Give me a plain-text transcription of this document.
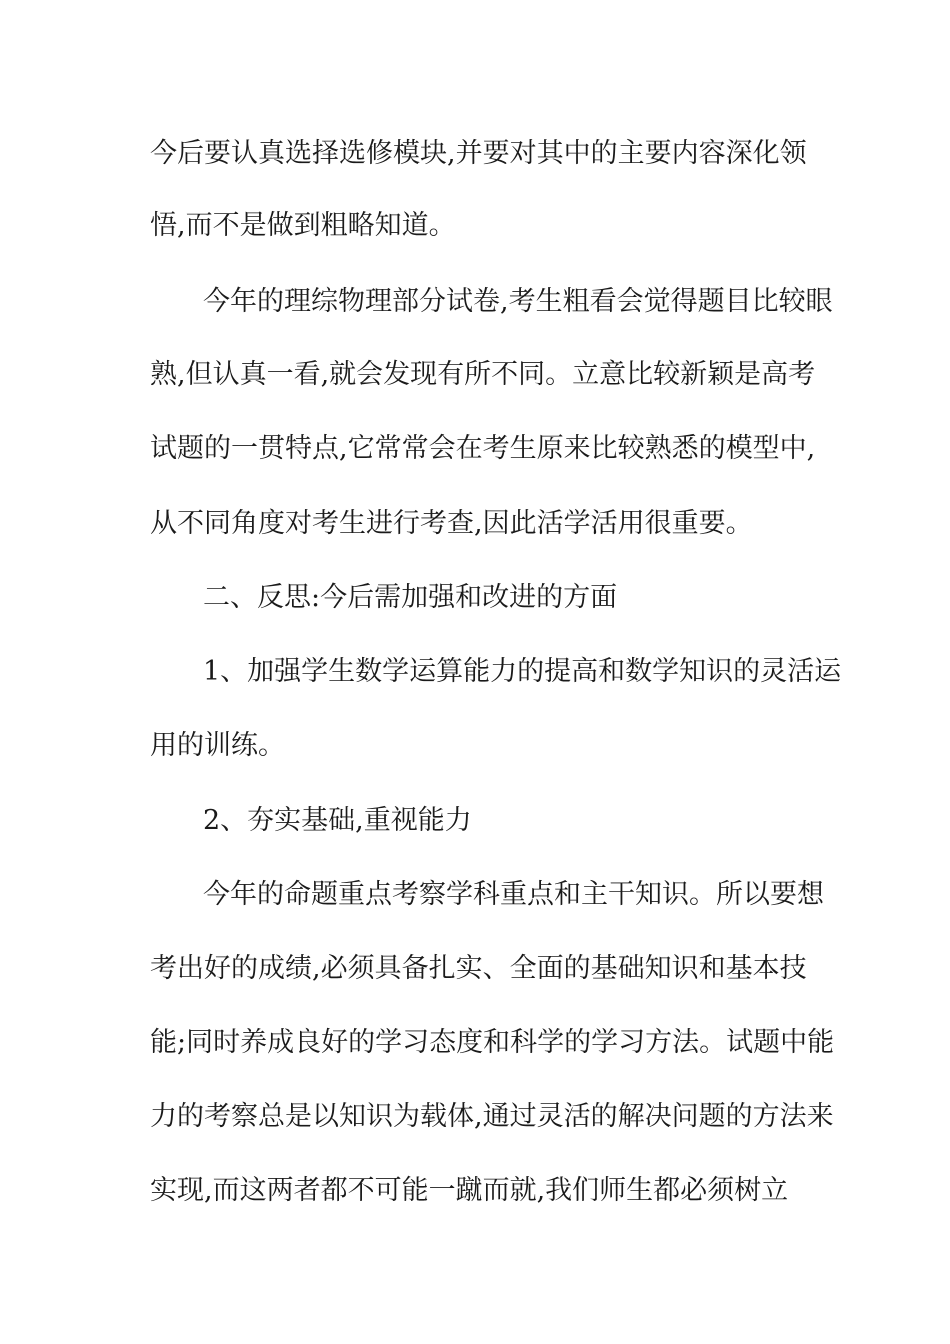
今后要认真选择选修模块,并要对其中的主要内容深化领
悟,而不是做到粗略知道。
今年的理综物理部分试卷,考生粗看会觉得题目比较眼
熟,但认真一看,就会发现有所不同。立意比较新颖是高考
试题的一贯特点,它常常会在考生原来比较熟悉的模型中,
从不同角度对考生进行考查,因此活学活用很重要。
二、反思:今后需加强和改进的方面
1、加强学生数学运算能力的提高和数学知识的灵活运
用的训练。
2、夯实基础,重视能力
今年的命题重点考察学科重点和主干知识。所以要想
考出好的成绩,必须具备扎实、全面的基础知识和基本技
能;同时养成良好的学习态度和科学的学习方法。试题中能
力的考察总是以知识为载体,通过灵活的解决问题的方法来
实现,而这两者都不可能一蹴而就,我们师生都必须树立
